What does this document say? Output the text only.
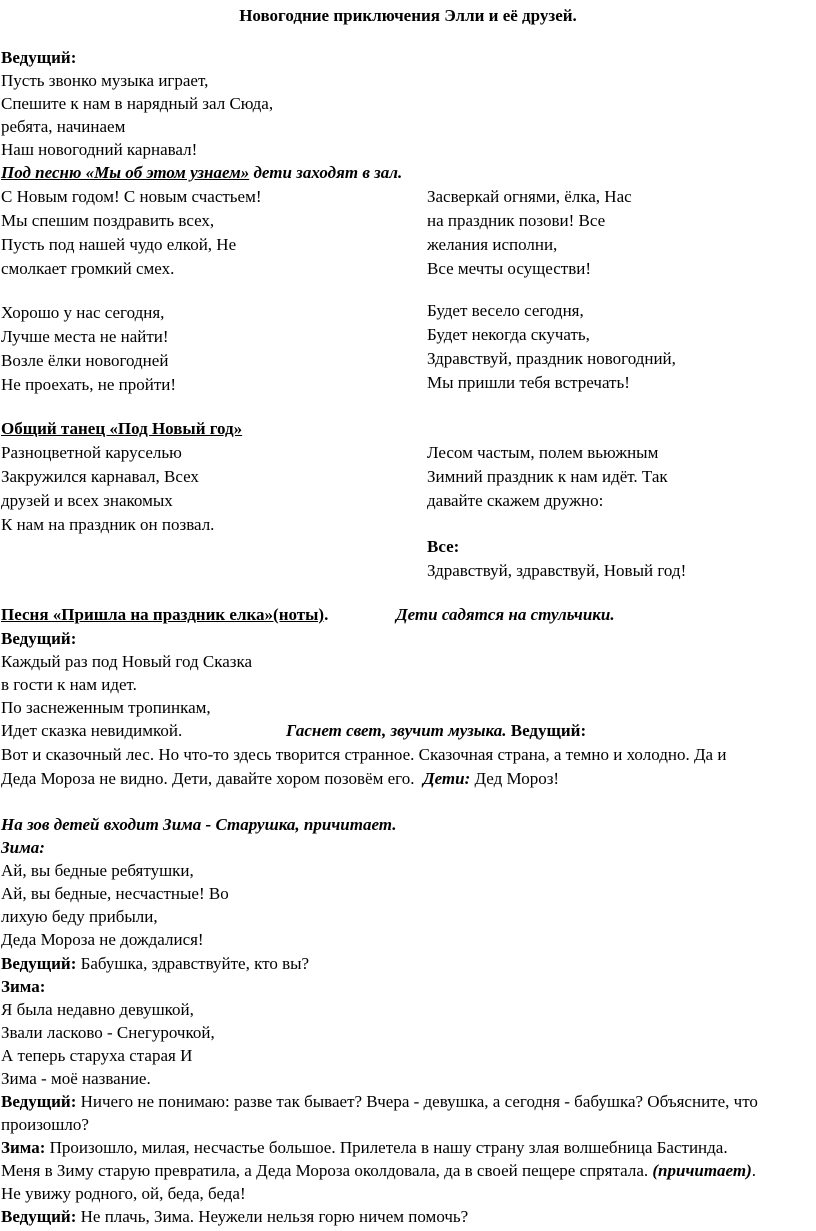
Новогодние приключения Элли и её друзей.
Ведущий:
Пусть звонко музыка играет,
Спешите к нам в нарядный зал Сюда,
ребята, начинаем
Наш новогодний карнавал!
Под песню «Мы об этом узнаем» дети заходят в зал.
С Новым годом! С новым счастьем!
Мы спешим поздравить всех,
Пусть под нашей чудо елкой, Не
смолкает громкий смех.
Засверкай огнями, ёлка, Нас
на праздник позови! Все
желания исполни,
Все мечты осуществи!
Хорошо у нас сегодня,
Лучше места не найти!
Возле ёлки новогодней
Не проехать, не пройти!
Будет весело сегодня,
Будет некогда скучать,
Здравствуй, праздник новогодний,
Мы пришли тебя встречать!
Общий танец «Под Новый год»
Разноцветной каруселью
Закружился карнавал, Всех
друзей и всех знакомых
К нам на праздник он позвал.
Лесом частым, полем вьюжным
Зимний праздник к нам идёт. Так
давайте скажем дружно:
Все:
Здравствуй, здравствуй, Новый год!
Песня «Пришла на праздник елка»(ноты).	Дети садятся на стульчики.
Ведущий:
Каждый раз под Новый год Сказка
в гости к нам идет.
По заснеженным тропинкам,
Идет сказка невидимкой.	Гаснет свет, звучит музыка. Ведущий:
Вот и сказочный лес. Но что-то здесь творится странное. Сказочная страна, а темно и холодно. Да и
Деда Мороза не видно. Дети, давайте хором позовём его. Дети: Дед Мороз!
На зов детей входит Зима - Старушка, причитает.
Зима:
Ай, вы бедные ребятушки,
Ай, вы бедные, несчастные! Во
лихую беду прибыли,
Деда Мороза не дождалися!
Ведущий: Бабушка, здравствуйте, кто вы?
Зима:
Я была недавно девушкой,
Звали ласково - Снегурочкой,
А теперь старуха старая И
Зима - моё название.
Ведущий: Ничего не понимаю: разве так бывает? Вчера - девушка, а сегодня - бабушка? Объясните, что
произошло?
Зима: Произошло, милая, несчастье большое. Прилетела в нашу страну злая волшебница Бастинда.
Меня в Зиму старую превратила, а Деда Мороза околдовала, да в своей пещере спрятала. (причитает).
Не увижу родного, ой, беда, беда!
Ведущий: Не плачь, Зима. Неужели нельзя горю ничем помочь?
